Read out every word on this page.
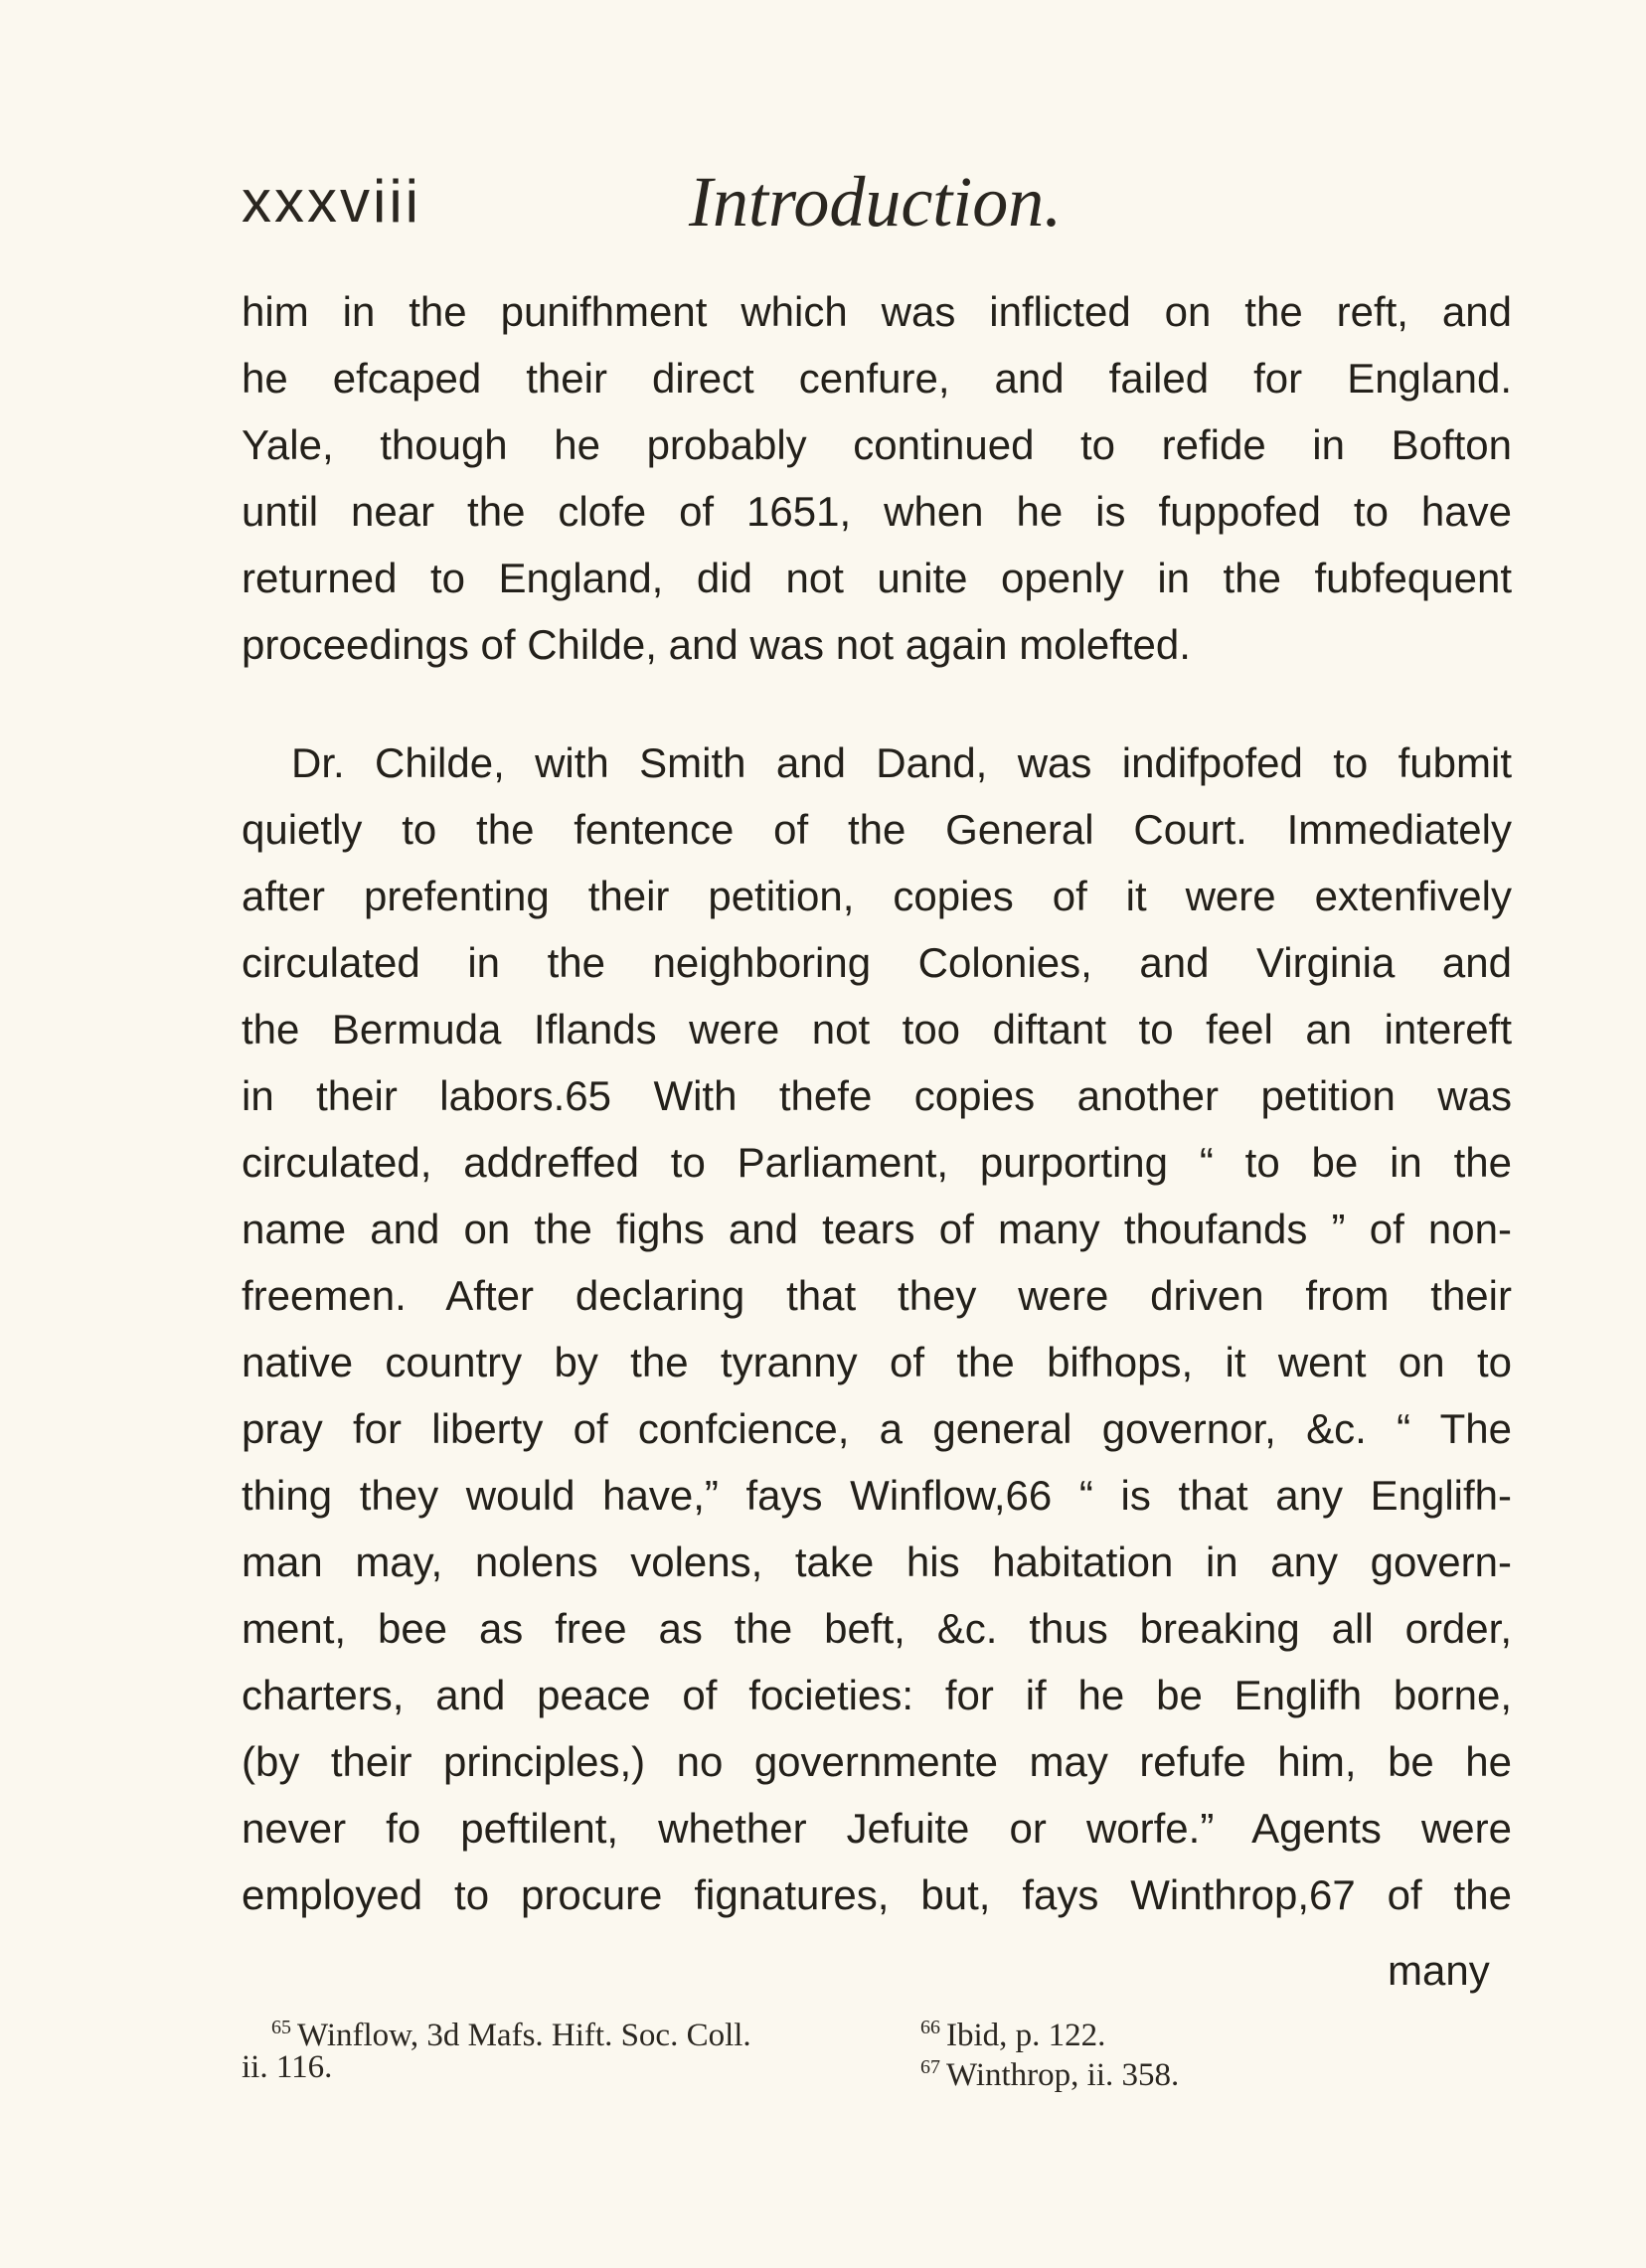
xxxviii	Introduction.
him in the punifhment which was inflicted on the reft, and
he efcaped their direct cenfure, and failed for England.
Yale, though he probably continued to refide in Bofton
until near the clofe of 1651, when he is fuppofed to have
returned to England, did not unite openly in the fubfequent
proceedings of Childe, and was not again molefted.
Dr. Childe, with Smith and Dand, was indifpofed to fubmit
quietly to the fentence of the General Court. Immediately
after prefenting their petition, copies of it were extenfively
circulated in the neighboring Colonies, and Virginia and
the Bermuda Iflands were not too diftant to feel an intereft
in their labors.65 With thefe copies another petition was
circulated, addreffed to Parliament, purporting “ to be in the
name and on the fighs and tears of many thoufands ” of non-
freemen. After declaring that they were driven from their
native country by the tyranny of the bifhops, it went on to
pray for liberty of confcience, a general governor, &c. “ The
thing they would have,” fays Winflow,66 “ is that any Englifh-
man may, nolens volens, take his habitation in any govern-
ment, bee as free as the beft, &c. thus breaking all order,
charters, and peace of focieties: for if he be Englifh borne,
(by their principles,) no governmente may refufe him, be he
never fo peftilent, whether Jefuite or worfe.” Agents were
employed to procure fignatures, but, fays Winthrop,67 of the
many
$^{65}$ Winflow, 3d Mafs. Hift. Soc. Coll.
ii. 116.
$^{66}$ Ibid, p. 122.
$^{67}$ Winthrop, ii. 358.
